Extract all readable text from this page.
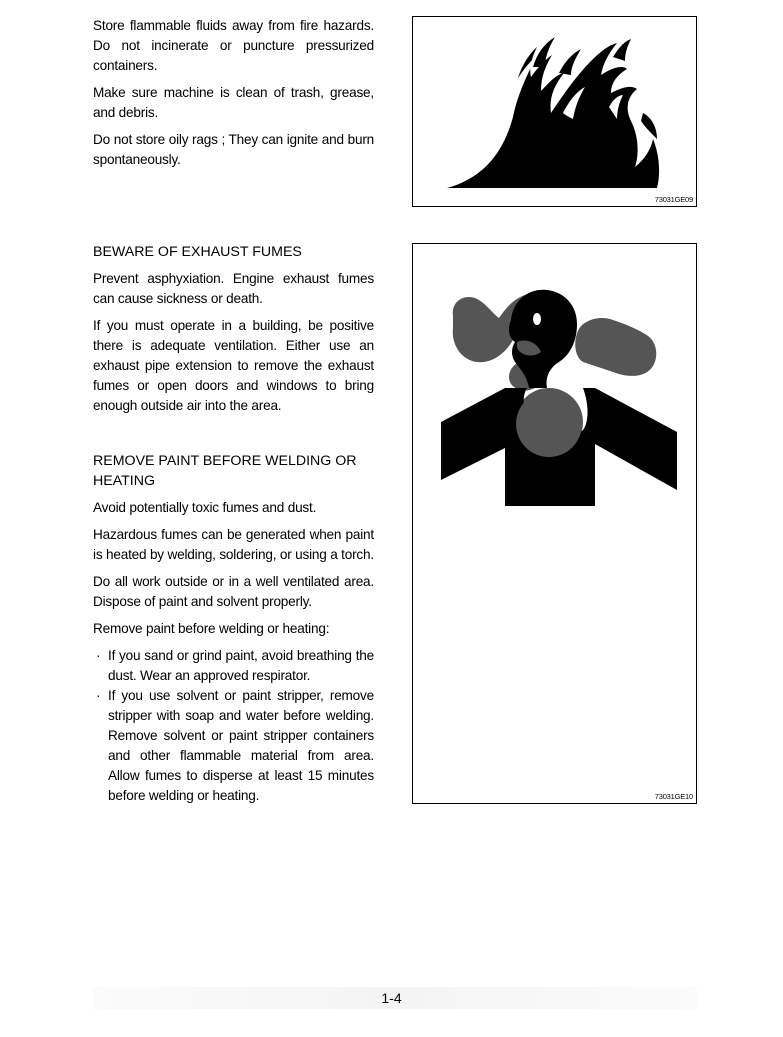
Store flammable fluids away from fire hazards. Do not incinerate or puncture pressurized containers.

Make sure machine is clean of trash, grease, and debris.

Do not store oily rags ; They can ignite and burn spontaneously.

73031GE09
BEWARE OF EXHAUST FUMES

Prevent asphyxiation. Engine exhaust fumes can cause sickness or death.

If you must operate in a building, be positive there is adequate ventilation. Either use an exhaust pipe extension to remove the exhaust fumes or open doors and windows to bring enough outside air into the area.

REMOVE PAINT BEFORE WELDING OR HEATING

Avoid potentially toxic fumes and dust.

Hazardous fumes can be generated when paint is heated by welding, soldering, or using a torch.

Do all work outside or in a well ventilated area. Dispose of paint and solvent properly.

Remove paint before welding or heating:

· If you sand or grind paint, avoid breathing the dust. Wear an approved respirator.
· If you use solvent or paint stripper, remove stripper with soap and water before welding. Remove solvent or paint stripper containers and other flammable material from area. Allow fumes to disperse at least 15 minutes before welding or heating.	73031GE10
1-4
